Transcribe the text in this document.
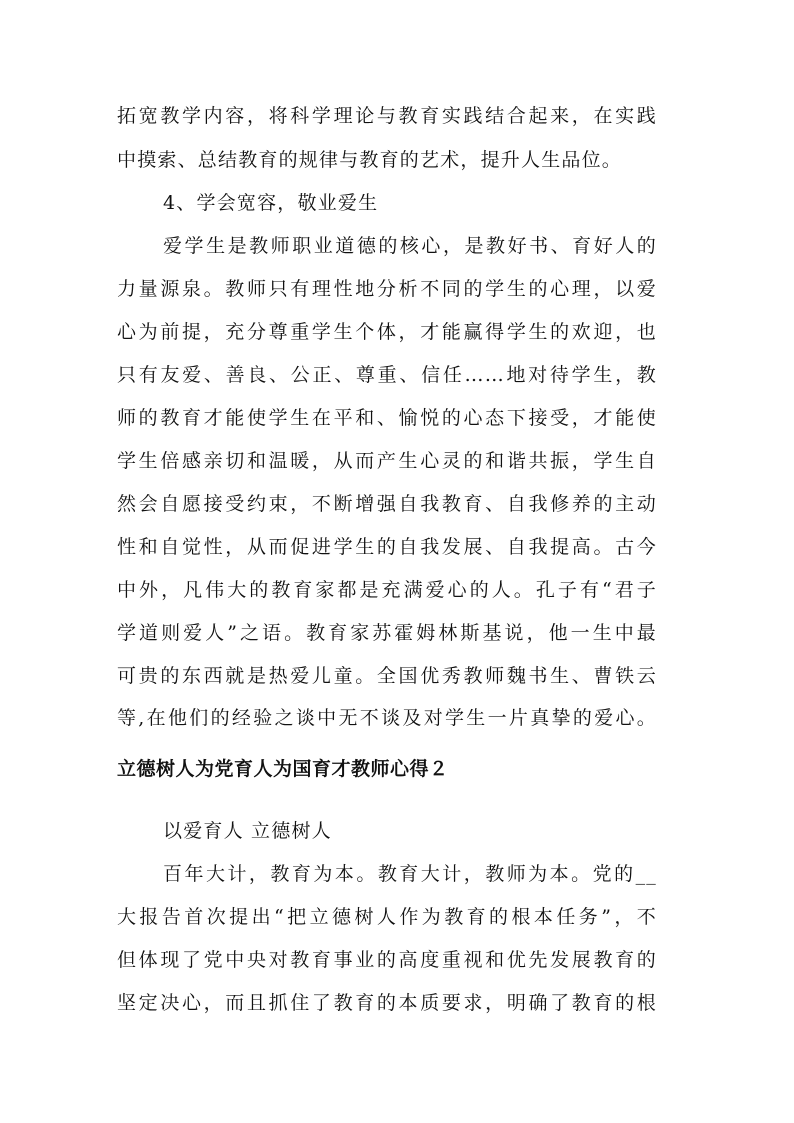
拓宽教学内容，将科学理论与教育实践结合起来，在实践
中摸索、总结教育的规律与教育的艺术，提升人生品位。
4、学会宽容，敬业爱生
爱学生是教师职业道德的核心，是教好书、育好人的
力量源泉。教师只有理性地分析不同的学生的心理，以爱
心为前提，充分尊重学生个体，才能赢得学生的欢迎，也
只有友爱、善良、公正、尊重、信任……地对待学生，教
师的教育才能使学生在平和、愉悦的心态下接受，才能使
学生倍感亲切和温暖，从而产生心灵的和谐共振，学生自
然会自愿接受约束，不断增强自我教育、自我修养的主动
性和自觉性，从而促进学生的自我发展、自我提高。古今
中外，凡伟大的教育家都是充满爱心的人。孔子有“君子
学道则爱人”之语。教育家苏霍姆林斯基说，他一生中最
可贵的东西就是热爱儿童。全国优秀教师魏书生、曹铁云
等,在他们的经验之谈中无不谈及对学生一片真挚的爱心。
立德树人为党育人为国育才教师心得２
以爱育人 立德树人
百年大计，教育为本。教育大计，教师为本。党的__
大报告首次提出“把立德树人作为教育的根本任务”，不
但体现了党中央对教育事业的高度重视和优先发展教育的
坚定决心，而且抓住了教育的本质要求，明确了教育的根
